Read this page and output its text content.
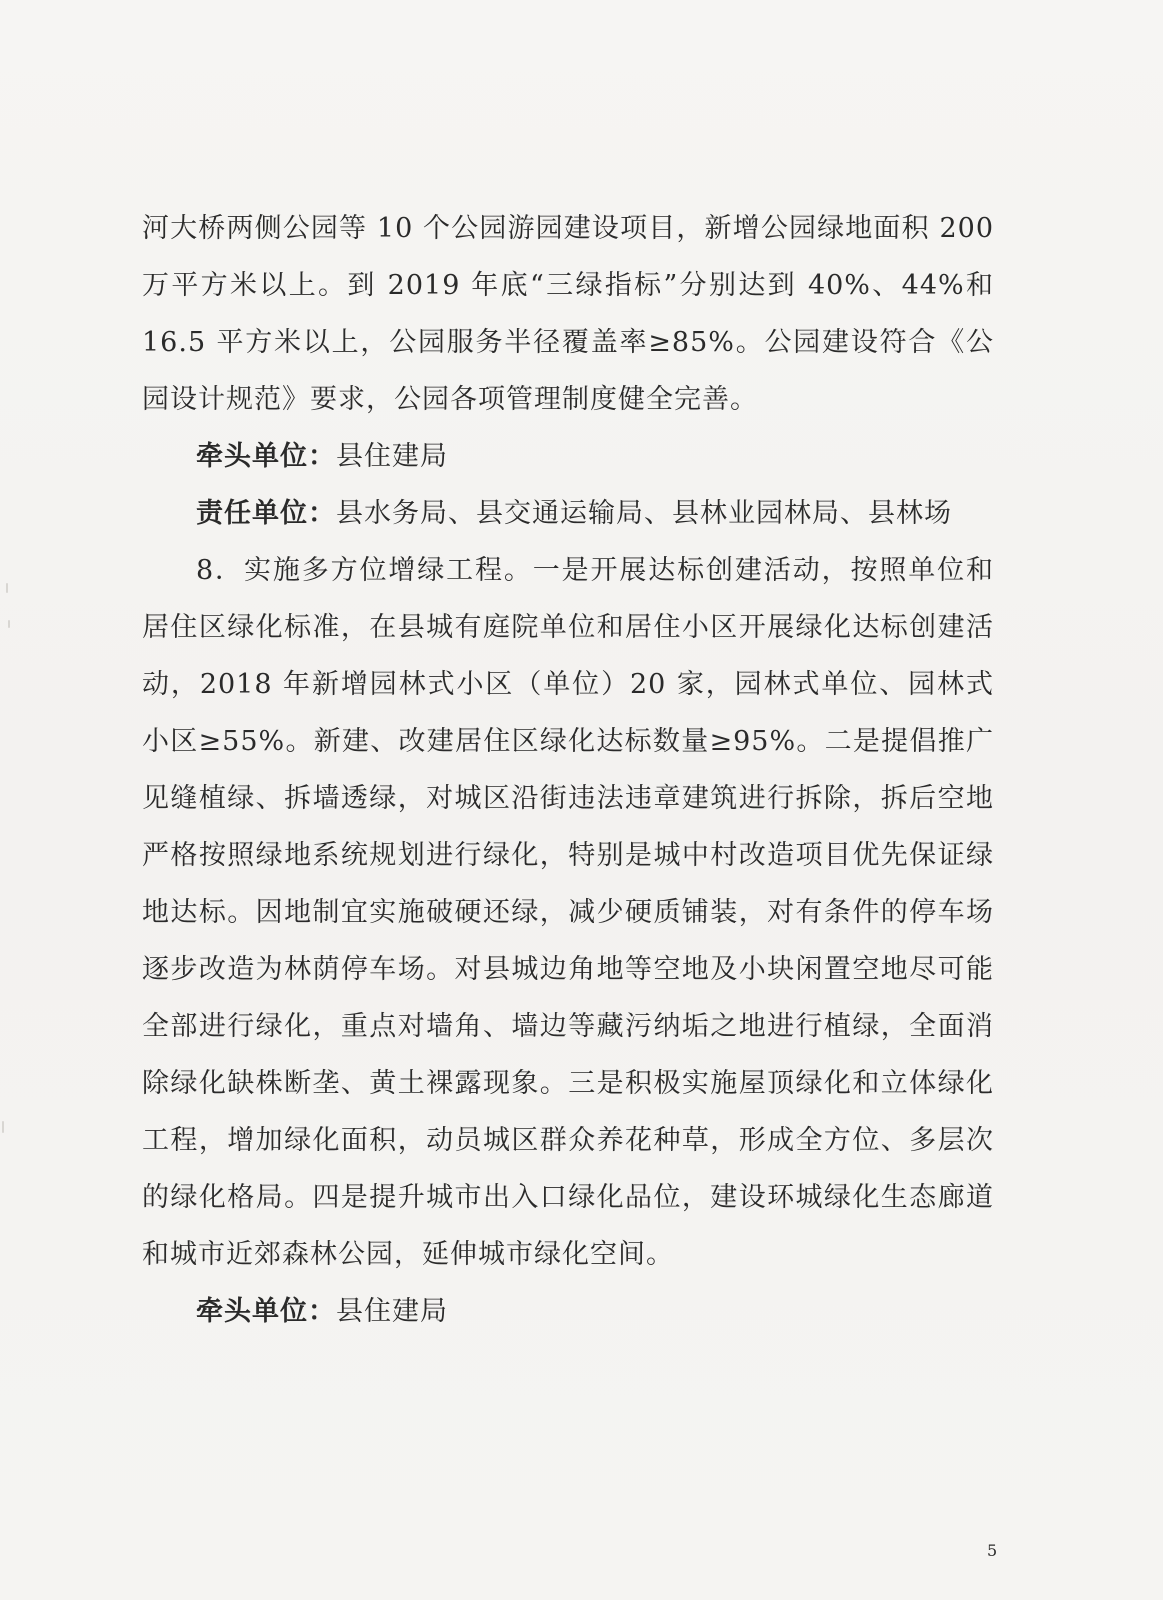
河大桥两侧公园等 10 个公园游园建设项目，新增公园绿地面积 200 万平方米以上。到 2019 年底“三绿指标”分别达到 40%、44%和 16.5 平方米以上，公园服务半径覆盖率≥85%。公园建设符合《公园设计规范》要求，公园各项管理制度健全完善。

牵头单位：县住建局

责任单位：县水务局、县交通运输局、县林业园林局、县林场

8．实施多方位增绿工程。一是开展达标创建活动，按照单位和居住区绿化标准，在县城有庭院单位和居住小区开展绿化达标创建活动，2018 年新增园林式小区（单位）20 家，园林式单位、园林式小区≥55%。新建、改建居住区绿化达标数量≥95%。二是提倡推广见缝植绿、拆墙透绿，对城区沿街违法违章建筑进行拆除，拆后空地严格按照绿地系统规划进行绿化，特别是城中村改造项目优先保证绿地达标。因地制宜实施破硬还绿，减少硬质铺装，对有条件的停车场逐步改造为林荫停车场。对县城边角地等空地及小块闲置空地尽可能全部进行绿化，重点对墙角、墙边等藏污纳垢之地进行植绿，全面消除绿化缺株断垄、黄土裸露现象。三是积极实施屋顶绿化和立体绿化工程，增加绿化面积，动员城区群众养花种草，形成全方位、多层次的绿化格局。四是提升城市出入口绿化品位，建设环城绿化生态廊道和城市近郊森林公园，延伸城市绿化空间。

牵头单位：县住建局

5
